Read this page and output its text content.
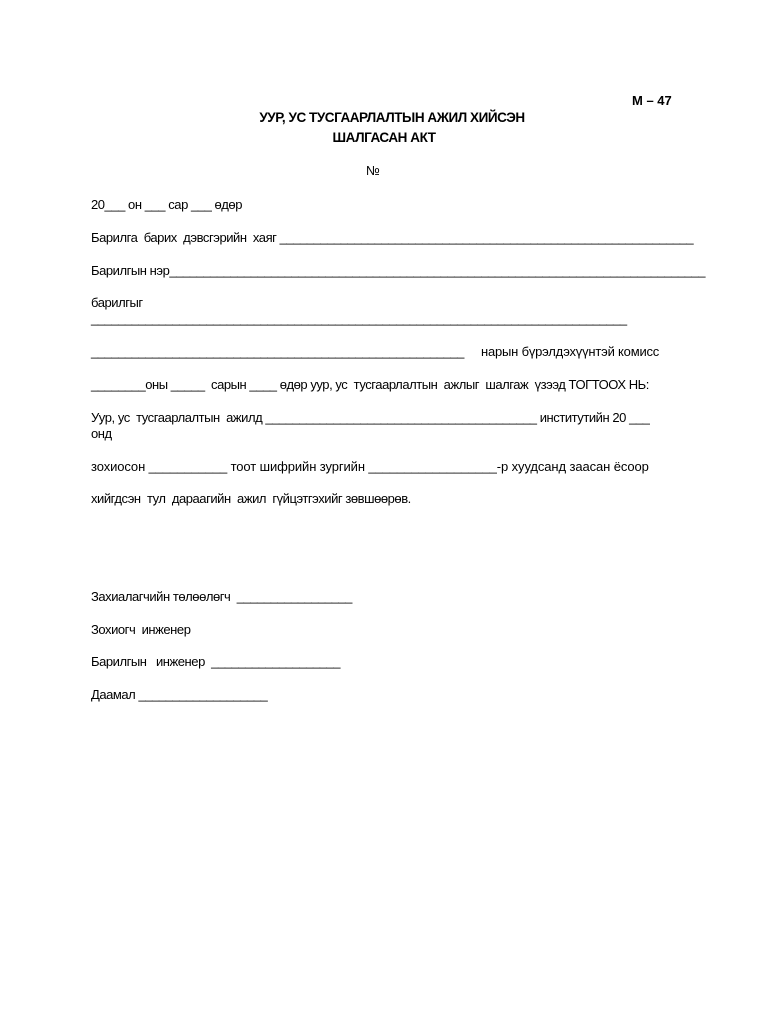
М – 47
УУР, УС ТУСГААРЛАЛТЫН АЖИЛ ХИЙСЭН
ШАЛГАСАН АКТ
№
20___ он ___ сар ___ өдөр
Барилга  барих  дэвсгэрийн  хаяг _____________________________________________________________
Барилгын нэр_______________________________________________________________________________
барилгыг
_______________________________________________________________________________
_______________________________________________________ нарын бүрэлдэхүүнтэй комисс
________оны _____  сарын ____ өдөр уур, ус  тусгаарлалтын  ажлыг  шалгаж  үзээд ТОГТООХ НЬ:
Уур, ус  тусгаарлалтын  ажилд ________________________________________ институтийн 20 ___
онд
зохиосон ___________ тоот шифрийн зургийн __________________-р хуудсанд заасан ёсоор
хийгдсэн  тул  дараагийн  ажил  гүйцэтгэхийг зөвшөөрөв.
Захиалагчийн төлөөлөгч  _________________
Зохиогч  инженер
Барилгын   инженер  ___________________
Даамал ___________________
